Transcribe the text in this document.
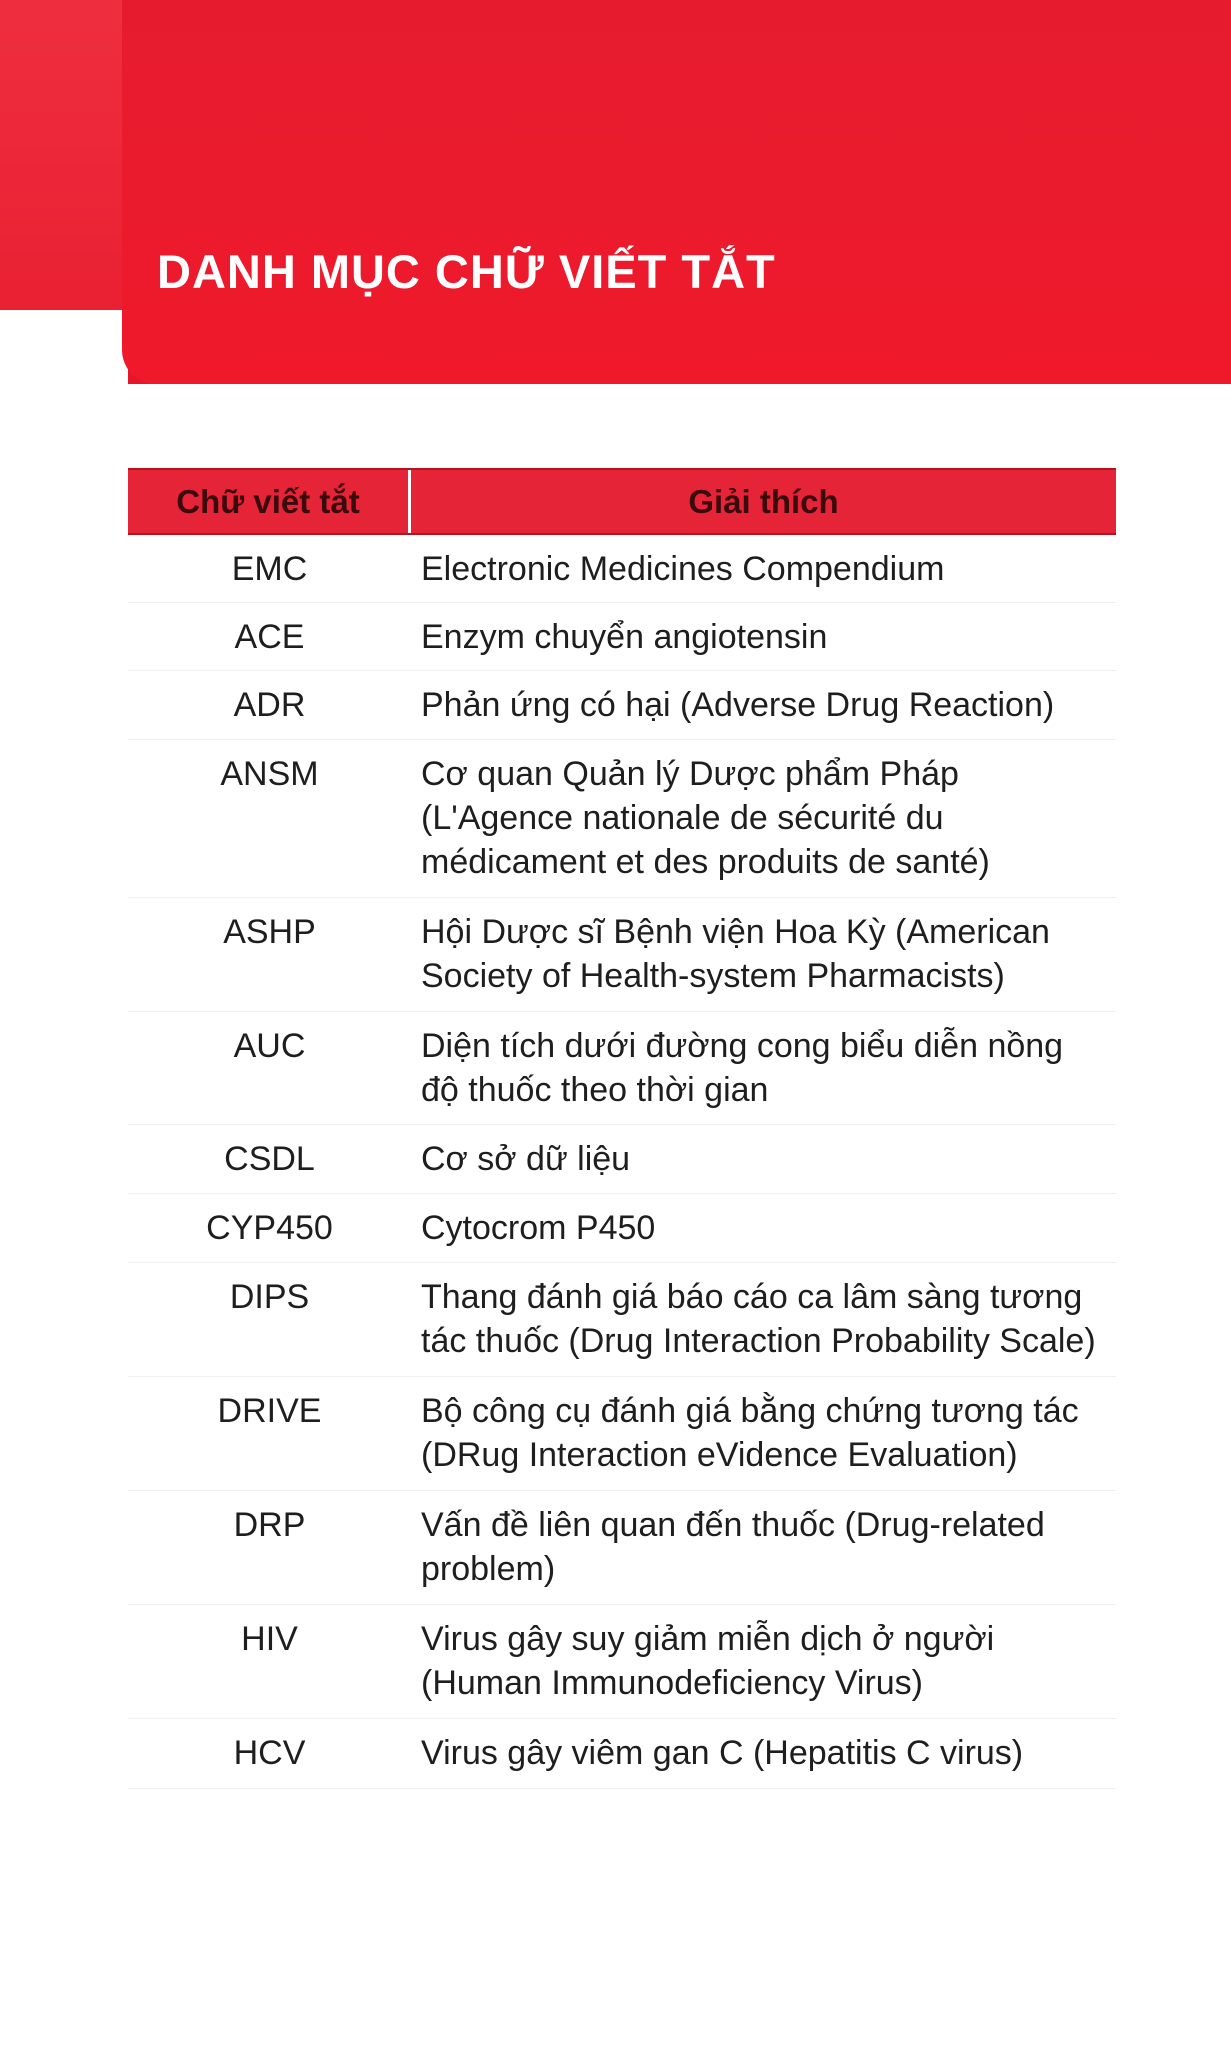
DANH MỤC CHỮ VIẾT TẮT
Chữ viết tắt	Giải thích
EMC	Electronic Medicines Compendium
ACE	Enzym chuyển angiotensin
ADR	Phản ứng có hại (Adverse Drug Reaction)
ANSM	Cơ quan Quản lý Dược phẩm Pháp
(L'Agence nationale de sécurité du
médicament et des produits de santé)
ASHP	Hội Dược sĩ Bệnh viện Hoa Kỳ (American
Society of Health-system Pharmacists)
AUC	Diện tích dưới đường cong biểu diễn nồng
độ thuốc theo thời gian
CSDL	Cơ sở dữ liệu
CYP450	Cytocrom P450
DIPS	Thang đánh giá báo cáo ca lâm sàng tương
tác thuốc (Drug Interaction Probability Scale)
DRIVE	Bộ công cụ đánh giá bằng chứng tương tác
(DRug Interaction eVidence Evaluation)
DRP	Vấn đề liên quan đến thuốc (Drug-related
problem)
HIV	Virus gây suy giảm miễn dịch ở người
(Human Immunodeficiency Virus)
HCV	Virus gây viêm gan C (Hepatitis C virus)
